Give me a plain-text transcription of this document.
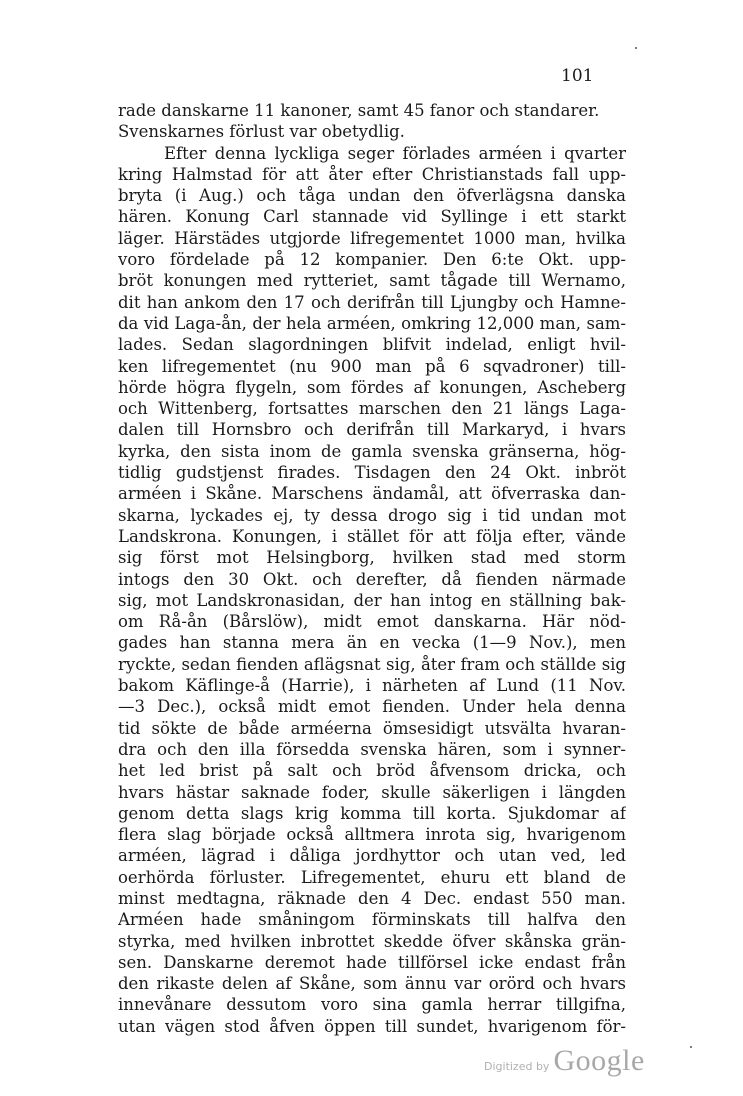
101
rade danskarne 11 kanoner, samt 45 fanor och standarer.
Svenskarnes förlust var obetydlig.
Efter denna lyckliga seger förlades arméen i qvarter
kring Halmstad för att åter efter Christianstads fall upp-
bryta (i Aug.) och tåga undan den öfverlägsna danska
hären. Konung Carl stannade vid Syllinge i ett starkt
läger. Härstädes utgjorde lifregementet 1000 man, hvilka
voro fördelade på 12 kompanier. Den 6:te Okt. upp-
bröt konungen med rytteriet, samt tågade till Wernamo,
dit han ankom den 17 och derifrån till Ljungby och Hamne-
da vid Laga-ån, der hela arméen, omkring 12,000 man, sam-
lades. Sedan slagordningen blifvit indelad, enligt hvil-
ken lifregementet (nu 900 man på 6 sqvadroner) till-
hörde högra flygeln, som fördes af konungen, Ascheberg
och Wittenberg, fortsattes marschen den 21 längs Laga-
dalen till Hornsbro och derifrån till Markaryd, i hvars
kyrka, den sista inom de gamla svenska gränserna, hög-
tidlig gudstjenst firades. Tisdagen den 24 Okt. inbröt
arméen i Skåne. Marschens ändamål, att öfverraska dan-
skarna, lyckades ej, ty dessa drogo sig i tid undan mot
Landskrona. Konungen, i stället för att följa efter, vände
sig först mot Helsingborg, hvilken stad med storm
intogs den 30 Okt. och derefter, då fienden närmade
sig, mot Landskronasidan, der han intog en ställning bak-
om Rå-ån (Bårslöw), midt emot danskarna. Här nöd-
gades han stanna mera än en vecka (1—9 Nov.), men
ryckte, sedan fienden aflägsnat sig, åter fram och ställde sig
bakom Käflinge-å (Harrie), i närheten af Lund (11 Nov.
—3 Dec.), också midt emot fienden. Under hela denna
tid sökte de både arméerna ömsesidigt utsvälta hvaran-
dra och den illa försedda svenska hären, som i synner-
het led brist på salt och bröd åfvensom dricka, och
hvars hästar saknade foder, skulle säkerligen i längden
genom detta slags krig komma till korta. Sjukdomar af
flera slag började också alltmera inrota sig, hvarigenom
arméen, lägrad i dåliga jordhyttor och utan ved, led
oerhörda förluster. Lifregementet, ehuru ett bland de
minst medtagna, räknade den 4 Dec. endast 550 man.
Arméen hade småningom förminskats till halfva den
styrka, med hvilken inbrottet skedde öfver skånska grän-
sen. Danskarne deremot hade tillförsel icke endast från
den rikaste delen af Skåne, som ännu var orörd och hvars
innevånare dessutom voro sina gamla herrar tillgifna,
utan vägen stod åfven öppen till sundet, hvarigenom för-
Digitized by Google
